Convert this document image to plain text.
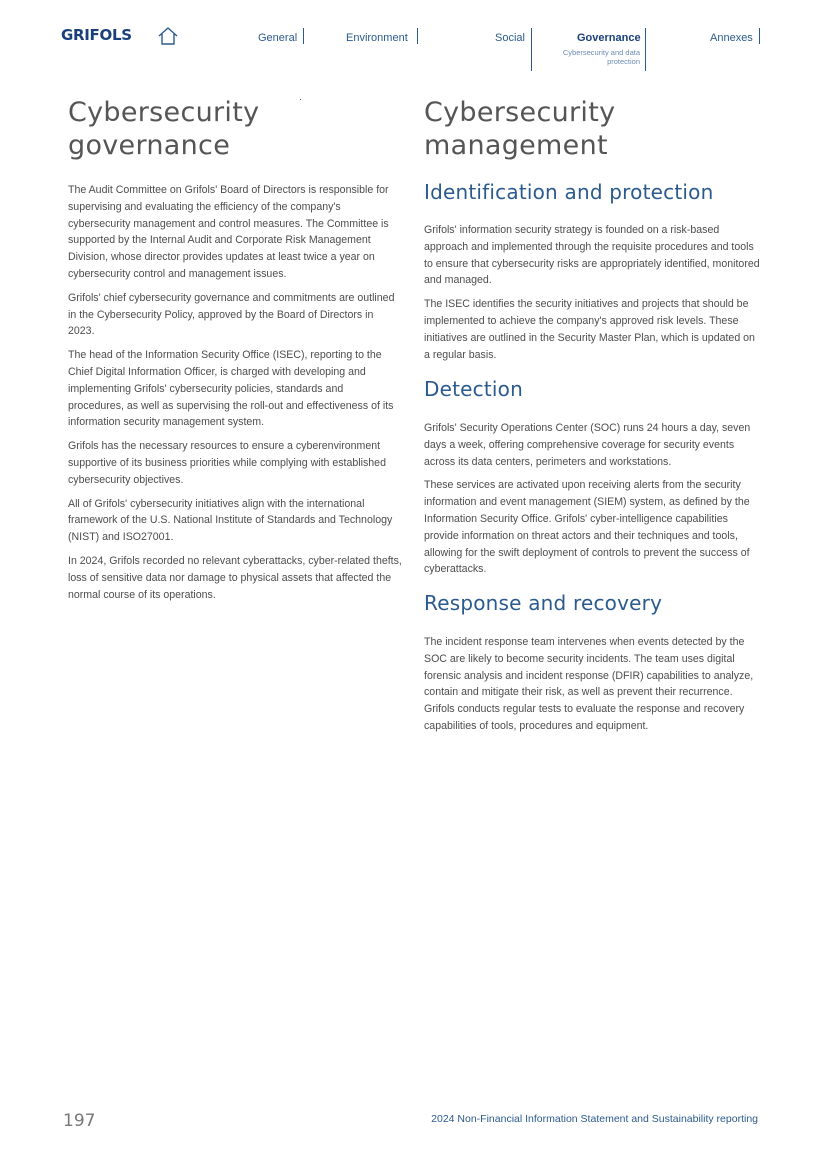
GRIFOLS	General	Environment	Social	Governance
Cybersecurity and data
protection
Annexes
Cybersecurity
governance

The Audit Committee on Grifols' Board of Directors is responsible for supervising and evaluating the efficiency of the company's cybersecurity management and control measures. The Committee is supported by the Internal Audit and Corporate Risk Management Division, whose director provides updates at least twice a year on cybersecurity control and management issues.

Grifols' chief cybersecurity governance and commitments are outlined in the Cybersecurity Policy, approved by the Board of Directors in 2023.

The head of the Information Security Office (ISEC), reporting to the Chief Digital Information Officer, is charged with developing and implementing Grifols' cybersecurity policies, standards and procedures, as well as supervising the roll-out and effectiveness of its information security management system.

Grifols has the necessary resources to ensure a cyberenvironment supportive of its business priorities while complying with established cybersecurity objectives.

All of Grifols' cybersecurity initiatives align with the international framework of the U.S. National Institute of Standards and Technology (NIST) and ISO27001.

In 2024, Grifols recorded no relevant cyberattacks, cyber-related thefts, loss of sensitive data nor damage to physical assets that affected the normal course of its operations.

Cybersecurity
management
Identification and protection

Grifols' information security strategy is founded on a risk-based approach and implemented through the requisite procedures and tools to ensure that cybersecurity risks are appropriately identified, monitored and managed.

The ISEC identifies the security initiatives and projects that should be implemented to achieve the company's approved risk levels. These initiatives are outlined in the Security Master Plan, which is updated on a regular basis.

Detection

Grifols' Security Operations Center (SOC) runs 24 hours a day, seven days a week, offering comprehensive coverage for security events across its data centers, perimeters and workstations.

These services are activated upon receiving alerts from the security information and event management (SIEM) system, as defined by the Information Security Office. Grifols' cyber-intelligence capabilities provide information on threat actors and their techniques and tools, allowing for the swift deployment of controls to prevent the success of cyberattacks.

Response and recovery

The incident response team intervenes when events detected by the SOC are likely to become security incidents. The team uses digital forensic analysis and incident response (DFIR) capabilities to analyze, contain and mitigate their risk, as well as prevent their recurrence. Grifols conducts regular tests to evaluate the response and recovery capabilities of tools, procedures and equipment.

197	2024 Non-Financial Information Statement and Sustainability reporting
